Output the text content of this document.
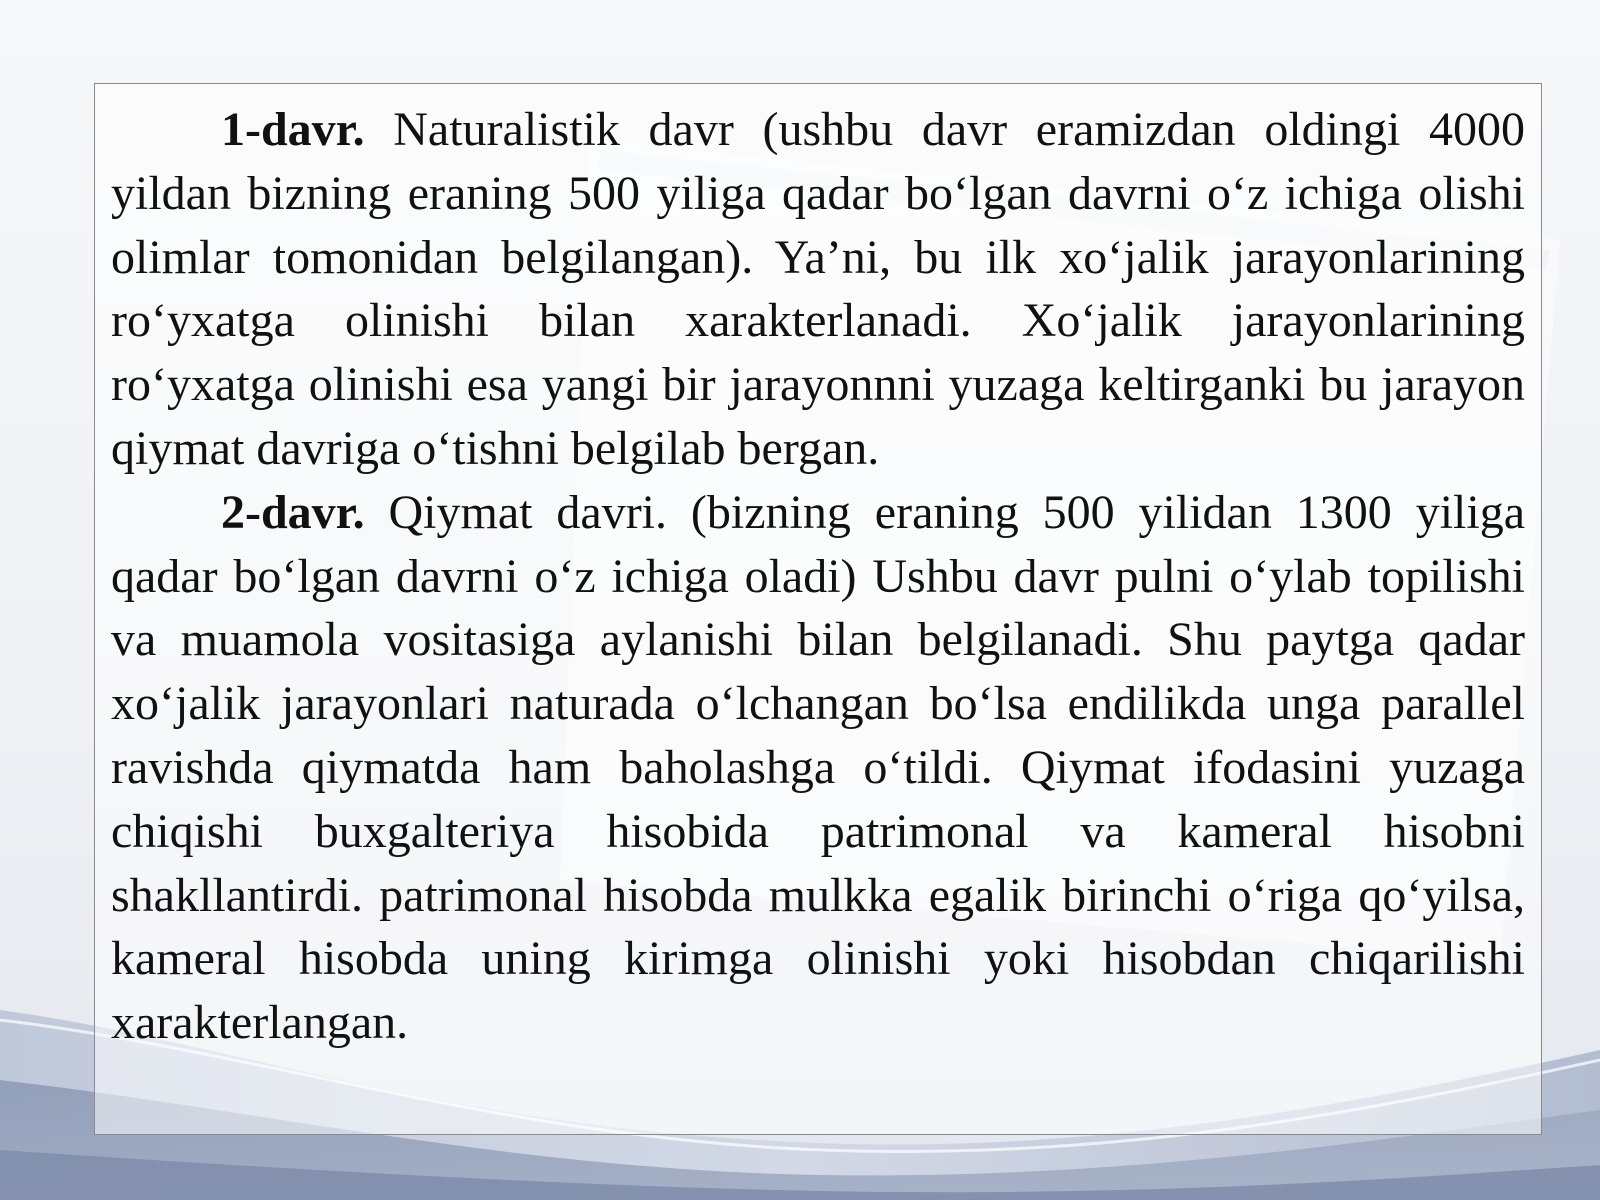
1-davr. Naturalistik davr (ushbu davr eramizdan oldingi 4000 yildan bizning eraning 500 yiliga qadar bo‘lgan davrni o‘z ichiga olishi olimlar tomonidan belgilangan). Ya’ni, bu ilk xo‘jalik jarayonlarining ro‘yxatga olinishi bilan xarakterlanadi. Xo‘jalik jarayonlarining ro‘yxatga olinishi esa yangi bir jarayonnni yuzaga keltirganki bu jarayon qiymat davriga o‘tishni belgilab bergan.

2-davr. Qiymat davri. (bizning eraning 500 yilidan 1300 yiliga qadar bo‘lgan davrni o‘z ichiga oladi) Ushbu davr pulni o‘ylab topilishi va muamola vositasiga aylanishi bilan belgilanadi. Shu paytga qadar xo‘jalik jarayonlari naturada o‘lchangan bo‘lsa endilikda unga parallel ravishda qiymatda ham baholashga o‘tildi. Qiymat ifodasini yuzaga chiqishi buxgalteriya hisobida patrimonal va kameral hisobni shakllantirdi. patrimonal hisobda mulkka egalik birinchi o‘riga qo‘yilsa, kameral hisobda uning kirimga olinishi yoki hisobdan chiqarilishi xarakterlangan.
